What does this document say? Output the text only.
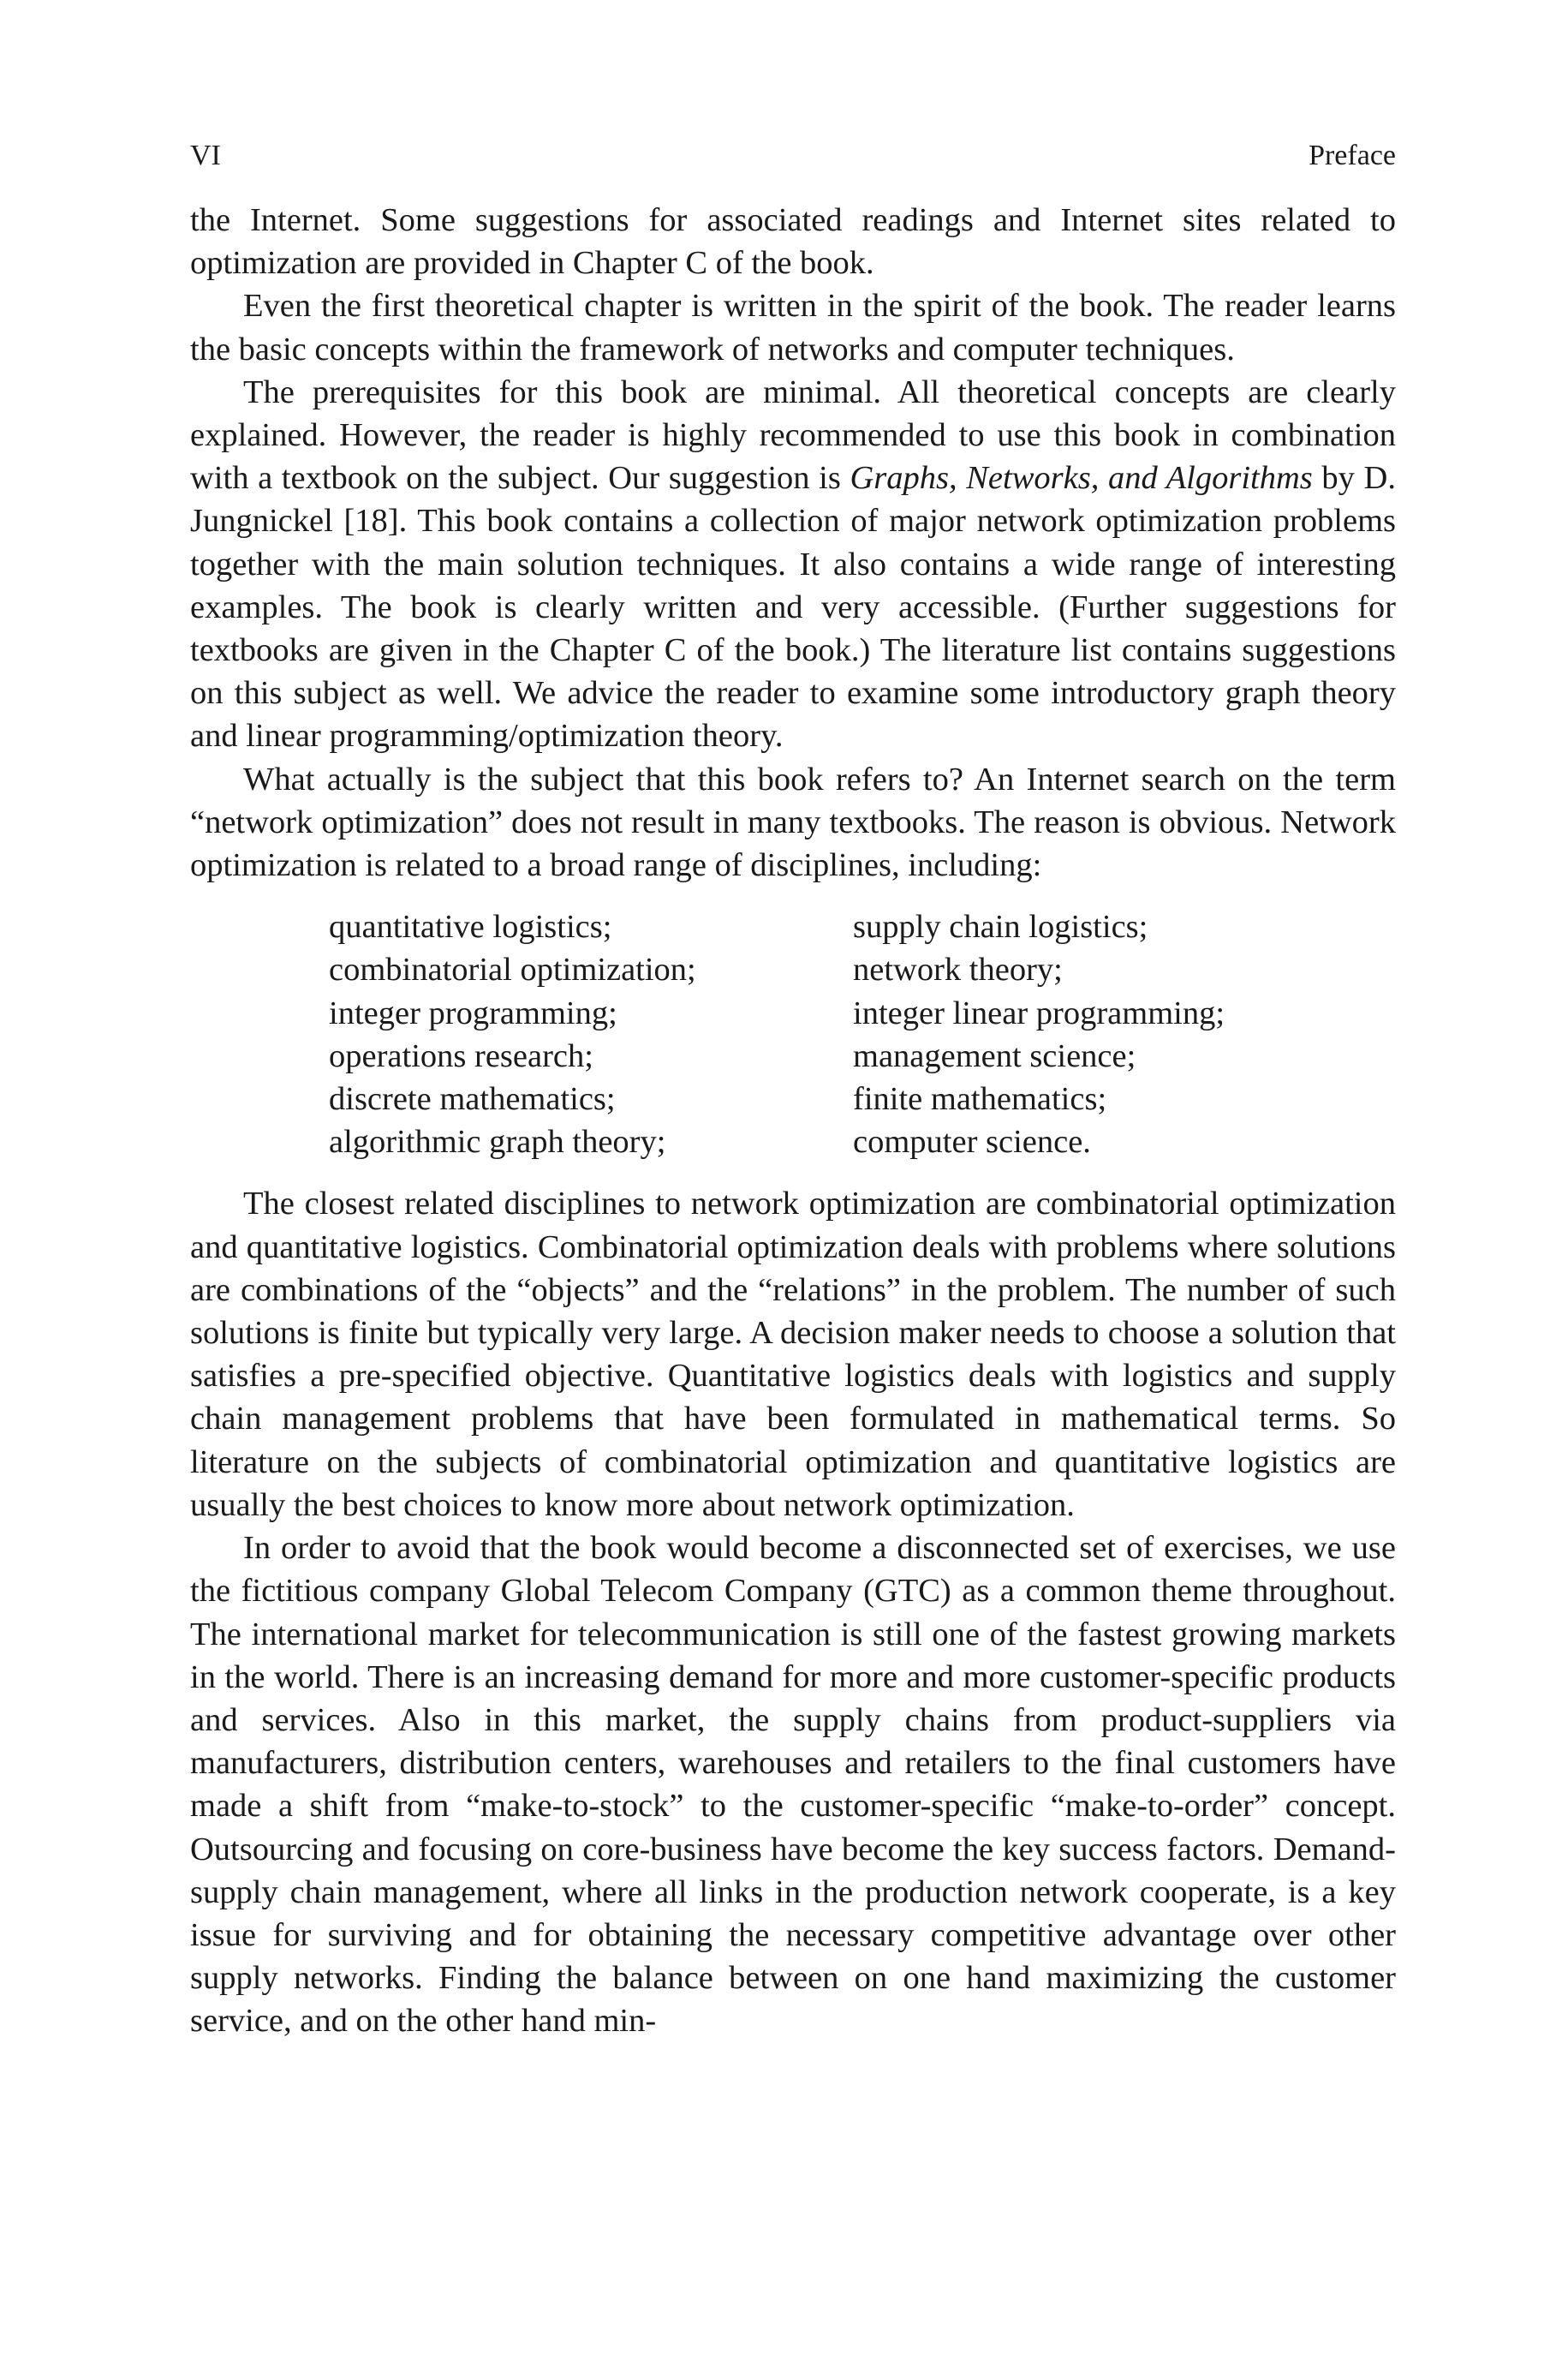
VI	Preface

the Internet. Some suggestions for associated readings and Internet sites related to optimization are provided in Chapter C of the book.

Even the first theoretical chapter is written in the spirit of the book. The reader learns the basic concepts within the framework of networks and computer techniques.

The prerequisites for this book are minimal. All theoretical concepts are clearly explained. However, the reader is highly recommended to use this book in combination with a textbook on the subject. Our suggestion is Graphs, Networks, and Algorithms by D. Jungnickel [18]. This book contains a collection of major network optimization problems together with the main solution techniques. It also contains a wide range of interesting examples. The book is clearly written and very accessible. (Further suggestions for textbooks are given in the Chapter C of the book.) The literature list contains suggestions on this subject as well. We advice the reader to examine some introductory graph theory and linear programming/optimization theory.

What actually is the subject that this book refers to? An Internet search on the term “network optimization” does not result in many textbooks. The reason is obvious. Network optimization is related to a broad range of disciplines, including:

quantitative logistics;	supply chain logistics;
combinatorial optimization;	network theory;
integer programming;	integer linear programming;
operations research;	management science;
discrete mathematics;	finite mathematics;
algorithmic graph theory;	computer science.

The closest related disciplines to network optimization are combinatorial optimization and quantitative logistics. Combinatorial optimization deals with problems where solutions are combinations of the “objects” and the “relations” in the problem. The number of such solutions is finite but typically very large. A decision maker needs to choose a solution that satisfies a pre-specified objective. Quantitative logistics deals with logistics and supply chain management problems that have been formulated in mathematical terms. So literature on the subjects of combinatorial optimization and quantitative logistics are usually the best choices to know more about network optimization.

In order to avoid that the book would become a disconnected set of exercises, we use the fictitious company Global Telecom Company (GTC) as a common theme throughout. The international market for telecommunication is still one of the fastest growing markets in the world. There is an increasing demand for more and more customer-specific products and services. Also in this market, the supply chains from product-suppliers via manufacturers, distribution centers, warehouses and retailers to the final customers have made a shift from “make-to-stock” to the customer-specific “make-to-order” concept. Outsourcing and focusing on core-business have become the key success factors. Demand-supply chain management, where all links in the production network cooperate, is a key issue for surviving and for obtaining the necessary competitive advantage over other supply networks. Finding the balance between on one hand maximizing the customer service, and on the other hand min-
